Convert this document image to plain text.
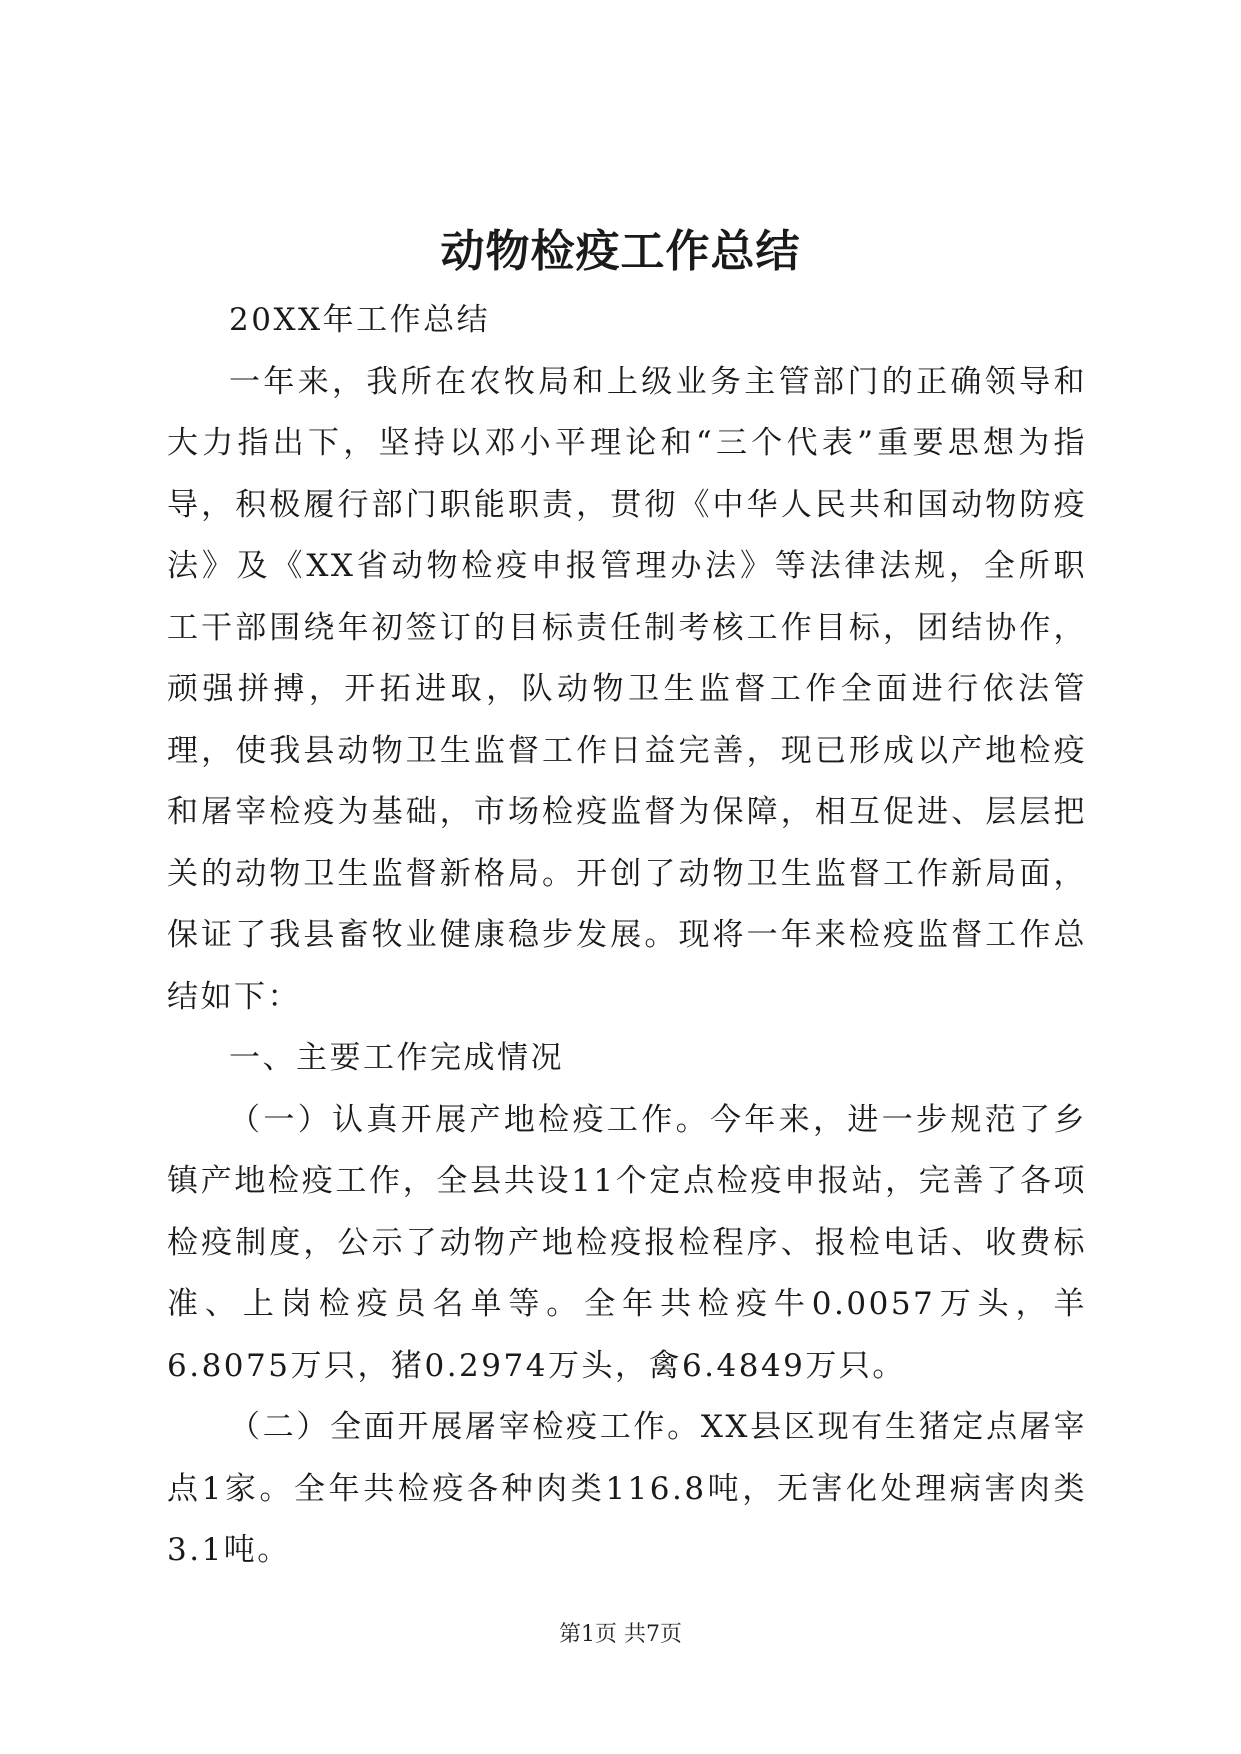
动物检疫工作总结

20XX年工作总结

一年来，我所在农牧局和上级业务主管部门的正确领导和大力指出下，坚持以邓小平理论和“三个代表”重要思想为指导，积极履行部门职能职责，贯彻《中华人民共和国动物防疫法》及《XX省动物检疫申报管理办法》等法律法规，全所职工干部围绕年初签订的目标责任制考核工作目标，团结协作，顽强拼搏，开拓进取，队动物卫生监督工作全面进行依法管理，使我县动物卫生监督工作日益完善，现已形成以产地检疫和屠宰检疫为基础，市场检疫监督为保障，相互促进、层层把关的动物卫生监督新格局。开创了动物卫生监督工作新局面，保证了我县畜牧业健康稳步发展。现将一年来检疫监督工作总结如下：

一、主要工作完成情况

（一）认真开展产地检疫工作。今年来，进一步规范了乡镇产地检疫工作，全县共设11个定点检疫申报站，完善了各项检疫制度，公示了动物产地检疫报检程序、报检电话、收费标准、上岗检疫员名单等。全年共检疫牛0.0057万头，羊6.8075万只，猪0.2974万头，禽6.4849万只。

（二）全面开展屠宰检疫工作。XX县区现有生猪定点屠宰点1家。全年共检疫各种肉类116.8吨，无害化处理病害肉类3.1吨。

第1页 共7页
